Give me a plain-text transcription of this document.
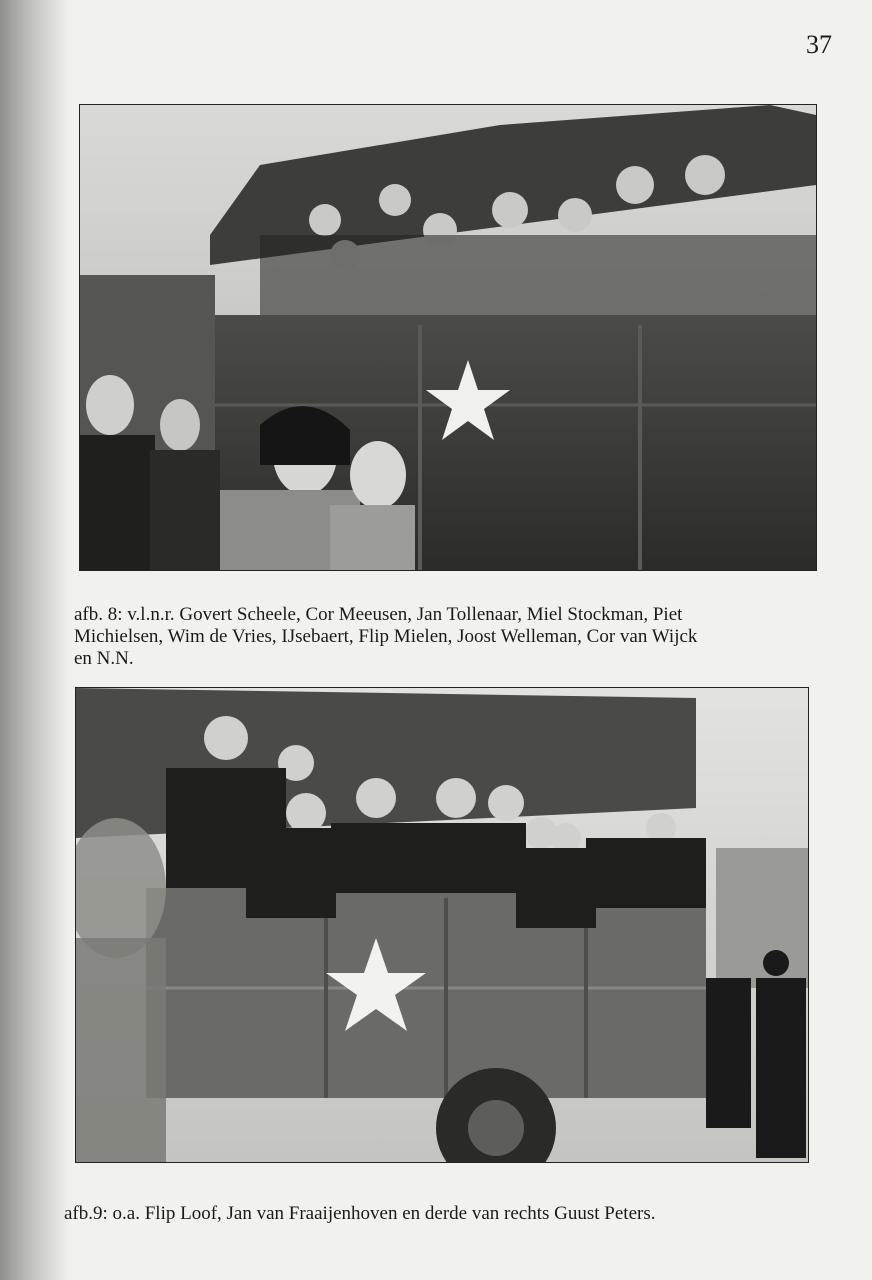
37
afb. 8: v.l.n.r. Govert Scheele, Cor Meeusen, Jan Tollenaar, Miel Stockman, Piet
Michielsen, Wim de Vries, IJsebaert, Flip Mielen, Joost Welleman, Cor van Wijck
en N.N.
afb.9: o.a. Flip Loof, Jan van Fraaijenhoven en derde van rechts Guust Peters.
